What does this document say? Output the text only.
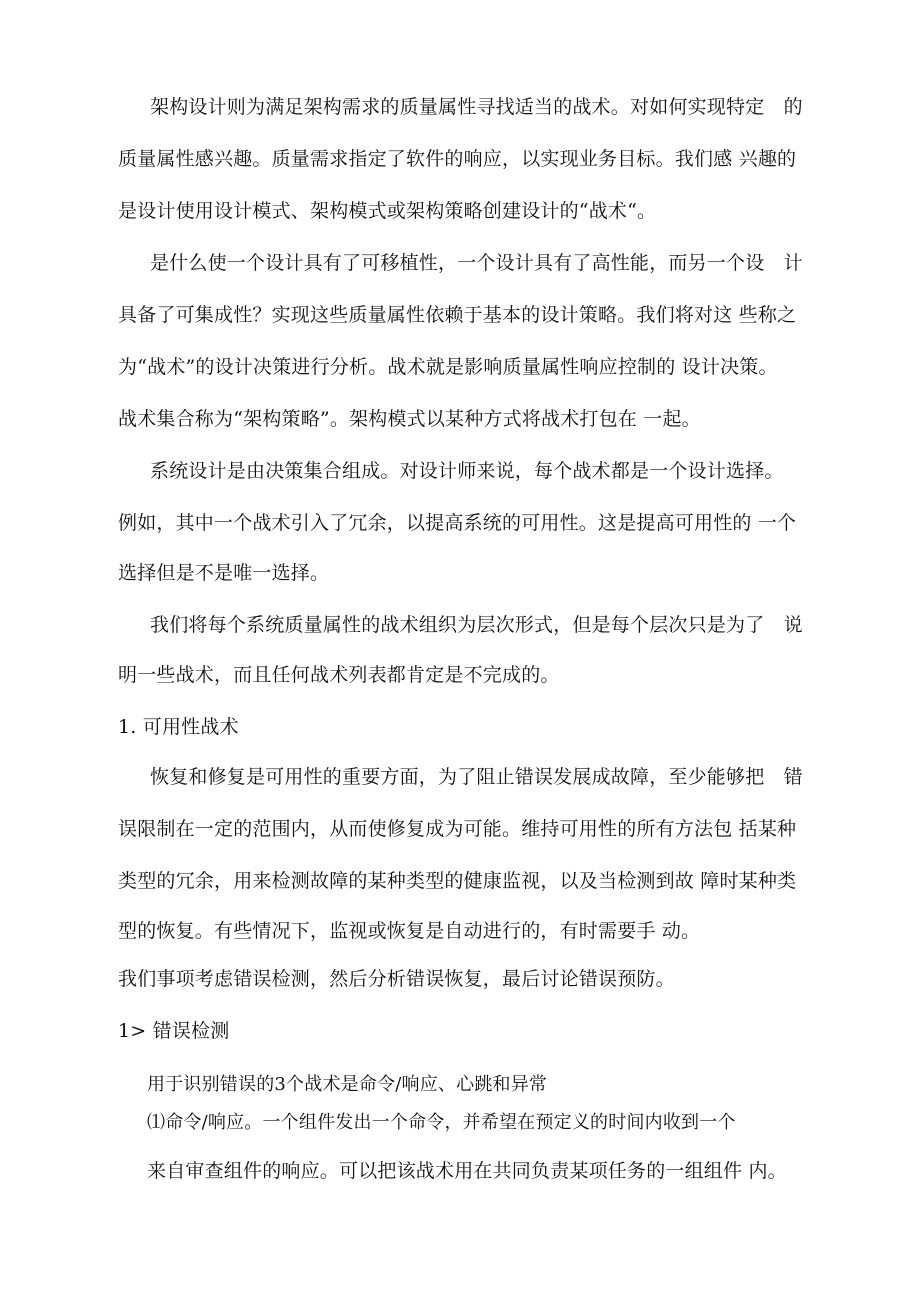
架构设计则为满足架构需求的质量属性寻找适当的战术。对如何实现特定　的
质量属性感兴趣。质量需求指定了软件的响应，以实现业务目标。我们感 兴趣的
是设计使用设计模式、架构模式或架构策略创建设计的“战术“。
是什么使一个设计具有了可移植性，一个设计具有了高性能，而另一个设　计
具备了可集成性？实现这些质量属性依赖于基本的设计策略。我们将对这 些称之
为“战术”的设计决策进行分析。战术就是影响质量属性响应控制的 设计决策。
战术集合称为“架构策略”。架构模式以某种方式将战术打包在 一起。
系统设计是由决策集合组成。对设计师来说，每个战术都是一个设计选择。
例如，其中一个战术引入了冗余，以提高系统的可用性。这是提高可用性的 一个
选择但是不是唯一选择。
我们将每个系统质量属性的战术组织为层次形式，但是每个层次只是为了　说
明一些战术，而且任何战术列表都肯定是不完成的。
1. 可用性战术
恢复和修复是可用性的重要方面，为了阻止错误发展成故障，至少能够把　错
误限制在一定的范围内，从而使修复成为可能。维持可用性的所有方法包 括某种
类型的冗余，用来检测故障的某种类型的健康监视，以及当检测到故 障时某种类
型的恢复。有些情况下，监视或恢复是自动进行的，有时需要手 动。
我们事项考虑错误检测，然后分析错误恢复，最后讨论错误预防。
1> 错误检测
用于识别错误的3个战术是命令/响应、心跳和异常
⑴命令/响应。一个组件发出一个命令，并希望在预定义的时间内收到一个
来自审查组件的响应。可以把该战术用在共同负责某项任务的一组组件 内。
